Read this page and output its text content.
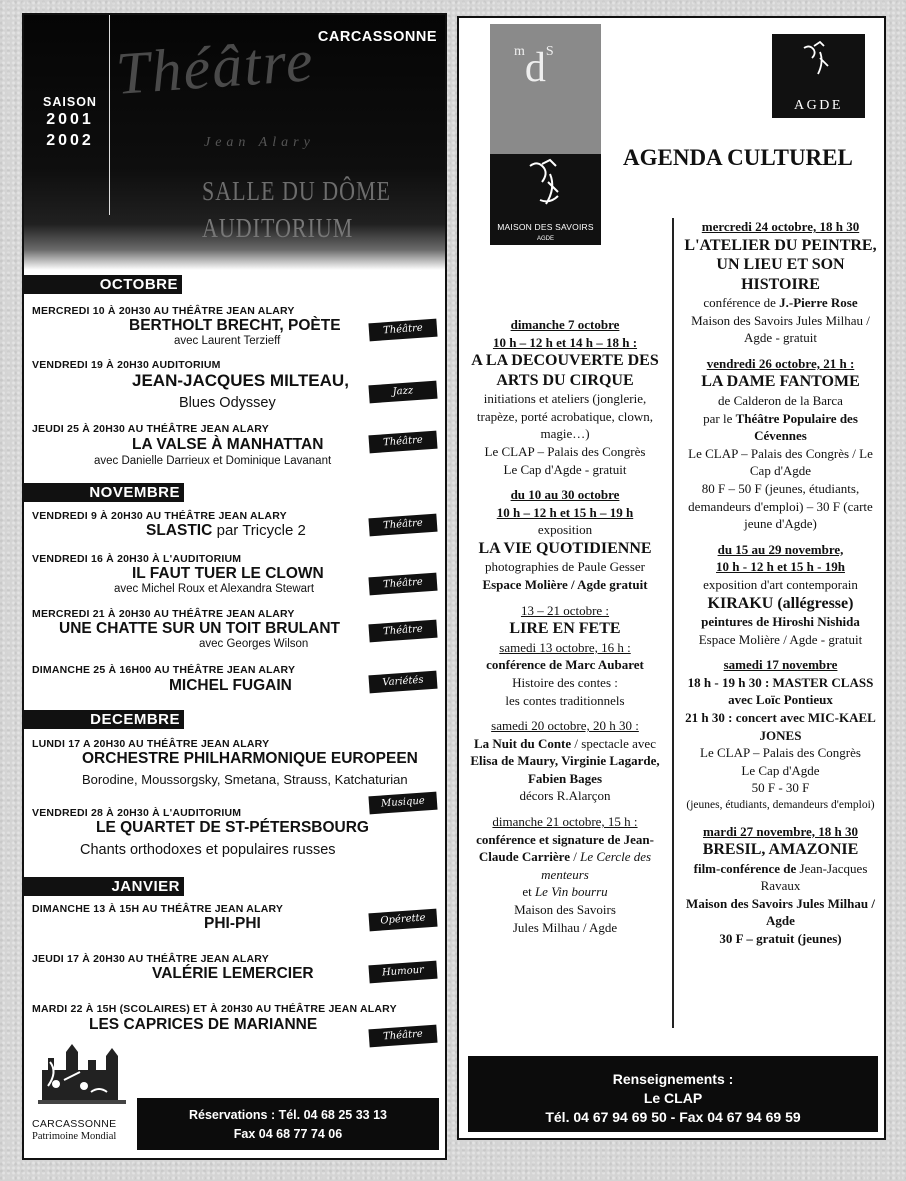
SAISON
2001
2002
Théâtre
Jean Alary
SALLE DU DÔME
AUDITORIUM
CARCASSONNE
OCTOBRE
MERCREDI 10 À 20H30 AU THÉÂTRE JEAN ALARY
BERTHOLT BRECHT, POÈTE
avec Laurent Terzieff
Théâtre
VENDREDI 19 À 20H30 AUDITORIUM
JEAN-JACQUES MILTEAU,
Blues Odyssey
Jazz
JEUDI 25 À 20H30 AU THÉÂTRE JEAN ALARY
LA VALSE À MANHATTAN
avec Danielle Darrieux et Dominique Lavanant
Théâtre
NOVEMBRE
VENDREDI 9 À 20H30 AU THÉÂTRE JEAN ALARY
SLASTIC par Tricycle 2	Théâtre
VENDREDI 16 À 20H30 À L'AUDITORIUM
IL FAUT TUER LE CLOWN
avec Michel Roux et Alexandra Stewart	Théâtre
MERCREDI 21 À 20H30 AU THÉÂTRE JEAN ALARY
UNE CHATTE SUR UN TOIT BRULANT
avec Georges Wilson
Théâtre
DIMANCHE 25 À 16H00 AU THÉÂTRE JEAN ALARY
MICHEL FUGAIN	Variétés
DECEMBRE
LUNDI 17 A 20H30 AU THÉÂTRE JEAN ALARY
ORCHESTRE PHILHARMONIQUE EUROPEEN
Borodine, Moussorgsky, Smetana, Strauss, Katchaturian
Musique
VENDREDI 28 À 20H30 À L'AUDITORIUM
LE QUARTET DE ST-PÉTERSBOURG
Chants orthodoxes et populaires russes
JANVIER
DIMANCHE 13 À 15H AU THÉÂTRE JEAN ALARY
PHI-PHI	Opérette
JEUDI 17 À 20H30 AU THÉÂTRE JEAN ALARY
VALÉRIE LEMERCIER	Humour
MARDI 22 À 15H (SCOLAIRES) ET À 20H30 AU THÉÂTRE JEAN ALARY
LES CAPRICES DE MARIANNE
Théâtre
CARCASSONNE
Patrimoine Mondial
Réservations : Tél. 04 68 25 33 13
Fax 04 68 77 74 06
$^md^S$
MAISON DES SAVOIRS
AGDE
AGDE
AGENDA CULTUREL
dimanche 7 octobre
10 h – 12 h et 14 h – 18 h :
A LA DECOUVERTE DES ARTS DU CIRQUE
initiations et ateliers (jonglerie, trapèze, porté acrobatique, clown, magie…)
Le CLAP – Palais des Congrès
Le Cap d'Agde - gratuit
du 10 au 30 octobre
10 h – 12 h et 15 h – 19 h
exposition
LA VIE QUOTIDIENNE
photographies de Paule Gesser
Espace Molière / Agde gratuit
13 – 21 octobre :
LIRE EN FETE
samedi 13 octobre, 16 h :
conférence de Marc Aubaret
Histoire des contes :
les contes traditionnels
samedi 20 octobre, 20 h 30 :
La Nuit du Conte / spectacle avec Elisa de Maury, Virginie Lagarde, Fabien Bages
décors R.Alarçon
dimanche 21 octobre, 15 h :
conférence et signature de Jean-Claude Carrière / Le Cercle des menteurs
et Le Vin bourru
Maison des Savoirs
Jules Milhau / Agde
mercredi 24 octobre, 18 h 30
L'ATELIER DU PEINTRE, UN LIEU ET SON HISTOIRE
conférence de J.-Pierre Rose
Maison des Savoirs Jules Milhau / Agde - gratuit
vendredi 26 octobre, 21 h :
LA DAME FANTOME
de Calderon de la Barca
par le Théâtre Populaire des Cévennes
Le CLAP – Palais des Congrès / Le Cap d'Agde
80 F – 50 F (jeunes, étudiants, demandeurs d'emploi) – 30 F (carte jeune d'Agde)
du 15 au 29 novembre,
10 h - 12 h et 15 h - 19h
exposition d'art contemporain
KIRAKU (allégresse)
peintures de Hiroshi Nishida
Espace Molière / Agde - gratuit
samedi 17 novembre
18 h - 19 h 30 : MASTER CLASS avec Loïc Pontieux
21 h 30 : concert avec MIC-KAEL JONES
Le CLAP – Palais des Congrès
Le Cap d'Agde
50 F - 30 F
(jeunes, étudiants, demandeurs d'emploi)
mardi 27 novembre, 18 h 30
BRESIL, AMAZONIE
film-conférence de Jean-Jacques Ravaux
Maison des Savoirs Jules Milhau / Agde
30 F – gratuit (jeunes)
Renseignements :
Le CLAP
Tél. 04 67 94 69 50 - Fax 04 67 94 69 59
